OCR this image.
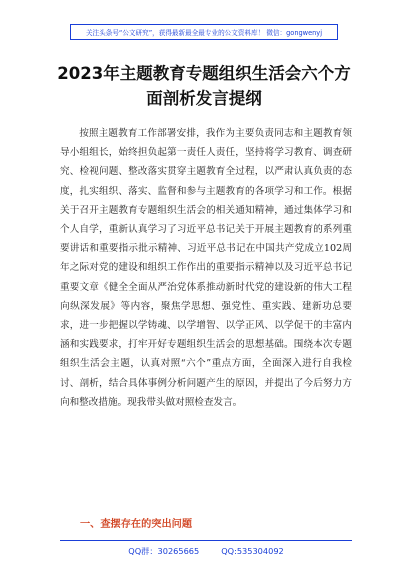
关注头条号“公文研究”，获得最新最全最专业的公文资料库！ 微信：gongwenyj
2023年主题教育专题组织生活会六个方
面剖析发言提纲

按照主题教育工作部署安排，我作为主要负责同志和主题教育领导小组组长，始终担负起第一责任人责任，坚持将学习教育、调查研究、检视问题、整改落实贯穿主题教育全过程，以严肃认真负责的态度，扎实组织、落实、监督和参与主题教育的各项学习和工作。根据关于召开主题教育专题组织生活会的相关通知精神，通过集体学习和个人自学，重新认真学习了习近平总书记关于开展主题教育的系列重要讲话和重要指示批示精神、习近平总书记在中国共产党成立102周年之际对党的建设和组织工作作出的重要指示精神以及习近平总书记重要文章《健全全面从严治党体系推动新时代党的建设新的伟大工程向纵深发展》等内容，聚焦学思想、强党性、重实践、建新功总要求，进一步把握以学铸魂、以学增智、以学正风、以学促干的丰富内涵和实践要求，打牢开好专题组织生活会的思想基础。围绕本次专题组织生活会主题，认真对照“六个”重点方面，全面深入进行自我检讨、剖析，结合具体事例分析问题产生的原因，并提出了今后努力方向和整改措施。现我带头做对照检查发言。

一、查摆存在的突出问题
QQ群：30265665	QQ:535304092
